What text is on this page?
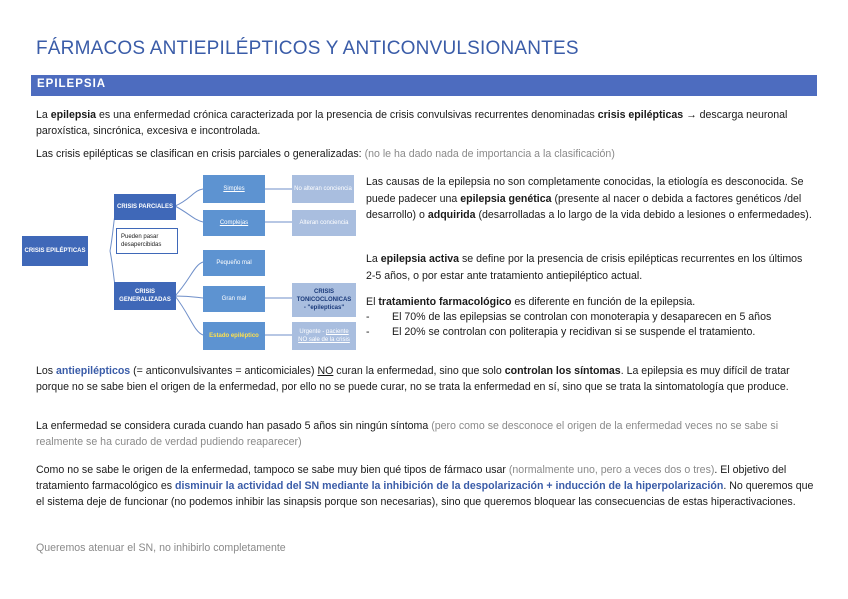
FÁRMACOS ANTIEPILÉPTICOS Y ANTICONVULSIONANTES
EPILEPSIA
La epilepsia es una enfermedad crónica caracterizada por la presencia de crisis convulsivas recurrentes denominadas crisis epilépticas → descarga neuronal paroxística, sincrónica, excesiva e incontrolada.
Las crisis epilépticas se clasifican en crisis parciales o generalizadas: (no le ha dado nada de importancia a la clasificación)
CRISIS EPILÉPTICAS
CRISIS PARCIALES
Pueden pasar desapercibidas
CRISIS GENERALIZADAS
Simples
Complejas
Pequeño mal
Gran mal
Estado epiléptico
No alteran conciencia
Alteran conciencia
CRISIS TONICOCLONICAS
- "epilepticas"
Urgente - paciente
NO sale de la crisis
Las causas de la epilepsia no son completamente conocidas, la etiología es desconocida. Se puede padecer una epilepsia genética (presente al nacer o debida a factores genéticos /del desarrollo) o adquirida (desarrolladas a lo largo de la vida debido a lesiones o enfermedades).
La epilepsia activa se define por la presencia de crisis epilépticas recurrentes en los últimos 2-5 años, o por estar ante tratamiento antiepiléptico actual.
El tratamiento farmacológico es diferente en función de la epilepsia.
-	El 70% de las epilepsias se controlan con monoterapia y desaparecen en 5 años
-	El 20% se controlan con politerapia y recidivan si se suspende el tratamiento.
Los antiepilépticos (= anticonvulsivantes = anticomiciales) NO curan la enfermedad, sino que solo controlan los síntomas. La epilepsia es muy difícil de tratar porque no se sabe bien el origen de la enfermedad, por ello no se puede curar, no se trata la enfermedad en sí, sino que se trata la sintomatología que produce.
La enfermedad se considera curada cuando han pasado 5 años sin ningún síntoma (pero como se desconoce el origen de la enfermedad veces no se sabe si realmente se ha curado de verdad pudiendo reaparecer)
Como no se sabe le origen de la enfermedad, tampoco se sabe muy bien qué tipos de fármaco usar (normalmente uno, pero a veces dos o tres). El objetivo del tratamiento farmacológico es disminuir la actividad del SN mediante la inhibición de la despolarización + inducción de la hiperpolarización. No queremos que el sistema deje de funcionar (no podemos inhibir las sinapsis porque son necesarias), sino que queremos bloquear las consecuencias de estas hiperactivaciones.
Queremos atenuar el SN, no inhibirlo completamente
